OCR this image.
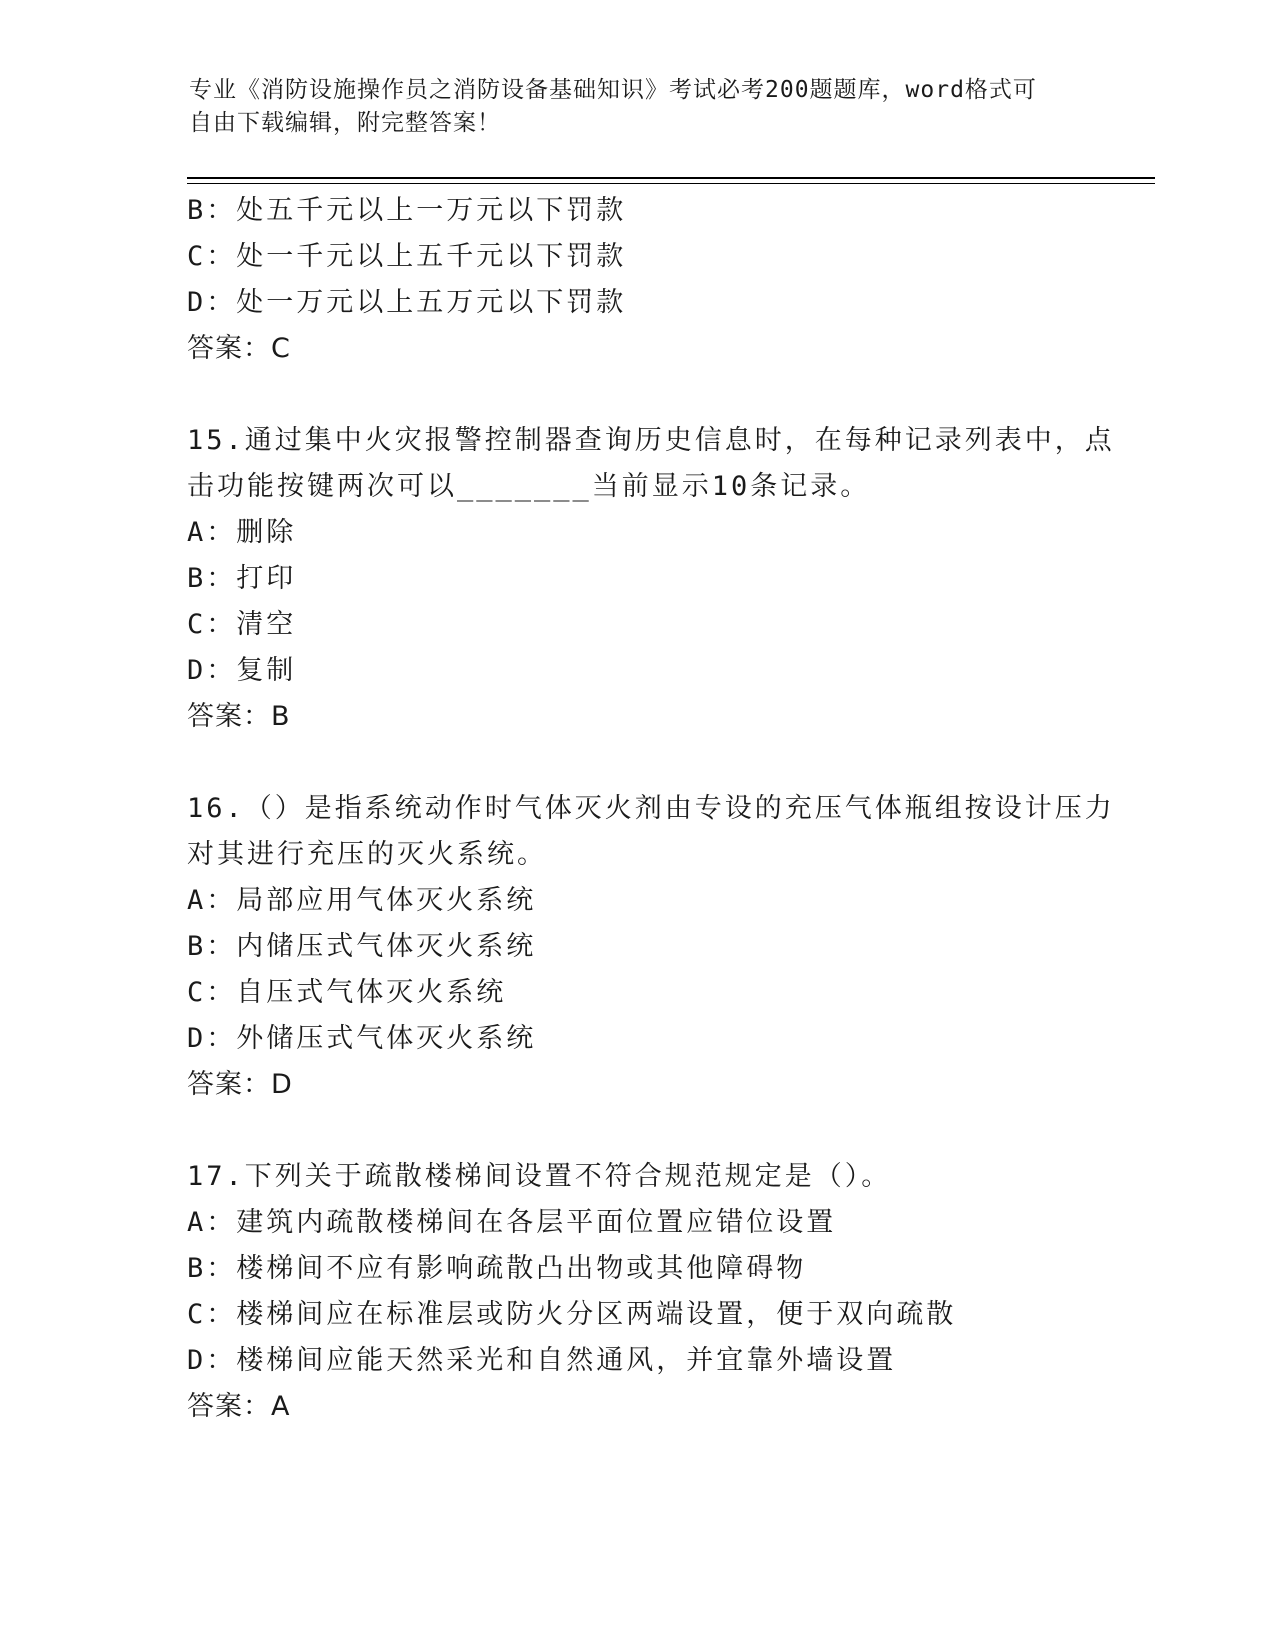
专业《消防设施操作员之消防设备基础知识》考试必考200题题库，word格式可
自由下载编辑，附完整答案！
B：处五千元以上一万元以下罚款
C：处一千元以上五千元以下罚款
D：处一万元以上五万元以下罚款
答案：C
15.通过集中火灾报警控制器查询历史信息时，在每种记录列表中，点
击功能按键两次可以_______当前显示10条记录。
A：删除
B：打印
C：清空
D：复制
答案：B
16.（）是指系统动作时气体灭火剂由专设的充压气体瓶组按设计压力
对其进行充压的灭火系统。
A：局部应用气体灭火系统
B：内储压式气体灭火系统
C：自压式气体灭火系统
D：外储压式气体灭火系统
答案：D
17.下列关于疏散楼梯间设置不符合规范规定是（）。
A：建筑内疏散楼梯间在各层平面位置应错位设置
B：楼梯间不应有影响疏散凸出物或其他障碍物
C：楼梯间应在标准层或防火分区两端设置，便于双向疏散
D：楼梯间应能天然采光和自然通风，并宜靠外墙设置
答案：A
